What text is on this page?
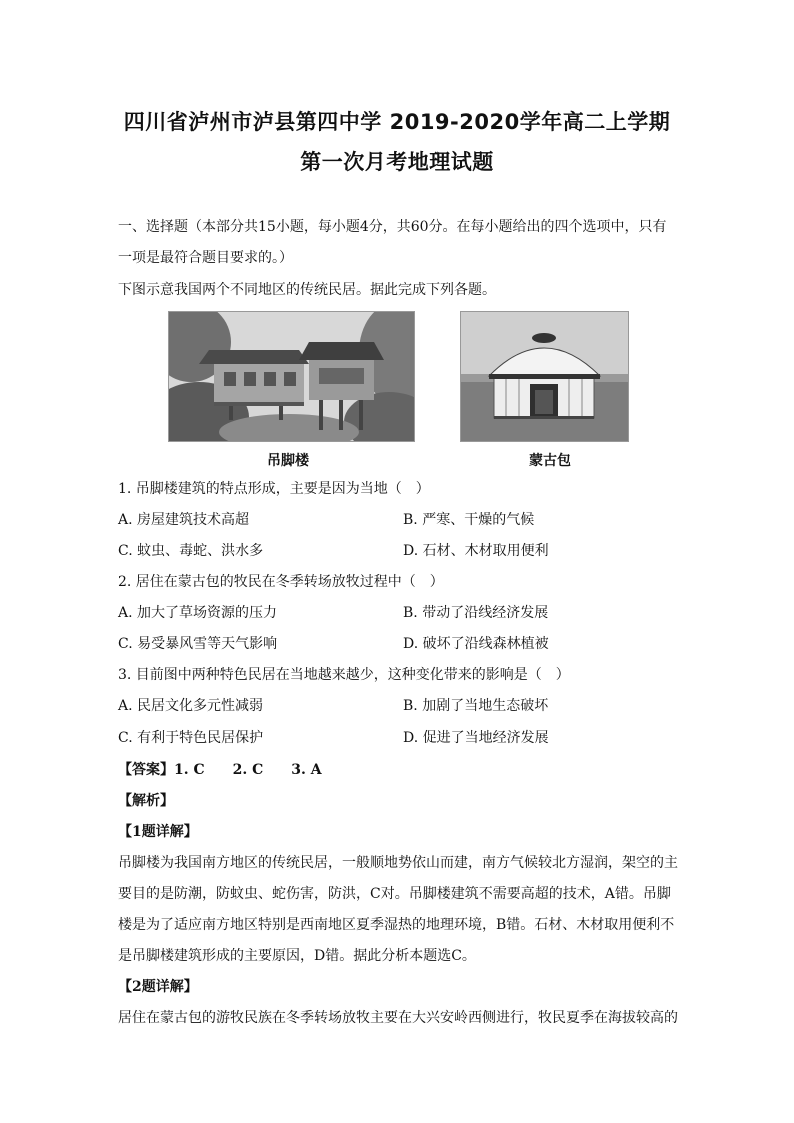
四川省泸州市泸县第四中学 2019-2020学年高二上学期
第一次月考地理试题
一、选择题（本部分共15小题，每小题4分，共60分。在每小题给出的四个选项中，只有
一项是最符合题目要求的。）
下图示意我国两个不同地区的传统民居。据此完成下列各题。
吊脚楼	蒙古包
1. 吊脚楼建筑的特点形成，主要是因为当地（　）
A. 房屋建筑技术高超	B. 严寒、干燥的气候
C. 蚊虫、毒蛇、洪水多	D. 石材、木材取用便利
2. 居住在蒙古包的牧民在冬季转场放牧过程中（　）
A. 加大了草场资源的压力	B. 带动了沿线经济发展
C. 易受暴风雪等天气影响	D. 破坏了沿线森林植被
3. 目前图中两种特色民居在当地越来越少，这种变化带来的影响是（　）
A. 民居文化多元性减弱	B. 加剧了当地生态破坏
C. 有利于特色民居保护	D. 促进了当地经济发展
【答案】1. C　　2. C　　3. A
【解析】
【1题详解】
吊脚楼为我国南方地区的传统民居，一般顺地势依山而建，南方气候较北方湿润，架空的主
要目的是防潮，防蚊虫、蛇伤害，防洪，C对。吊脚楼建筑不需要高超的技术，A错。吊脚
楼是为了适应南方地区特别是西南地区夏季湿热的地理环境，B错。石材、木材取用便利不
是吊脚楼建筑形成的主要原因，D错。据此分析本题选C。
【2题详解】
居住在蒙古包的游牧民族在冬季转场放牧主要在大兴安岭西侧进行，牧民夏季在海拔较高的
